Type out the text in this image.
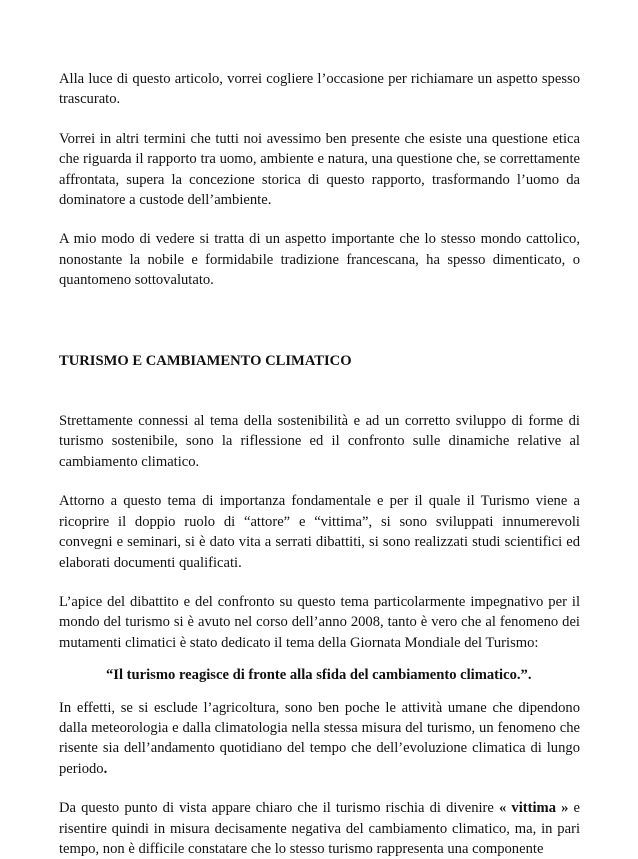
Alla luce di questo articolo, vorrei cogliere l’occasione per richiamare un aspetto spesso trascurato.

Vorrei in altri termini che tutti noi avessimo ben presente che esiste una questione etica che riguarda il rapporto tra uomo, ambiente e natura, una questione che, se correttamente affrontata, supera la concezione storica di questo rapporto, trasformando l’uomo da dominatore a custode dell’ambiente.

A mio modo di vedere si tratta di un aspetto importante che lo stesso mondo cattolico, nonostante la nobile e formidabile tradizione francescana, ha spesso dimenticato, o quantomeno sottovalutato.

TURISMO E CAMBIAMENTO CLIMATICO

Strettamente connessi al tema della sostenibilità e ad un corretto sviluppo di forme di turismo sostenibile, sono la riflessione ed il confronto sulle dinamiche relative al cambiamento climatico.

Attorno a questo tema di importanza fondamentale e per il quale il Turismo viene a ricoprire il doppio ruolo di “attore” e “vittima”, si sono sviluppati innumerevoli convegni e seminari, si è dato vita a serrati dibattiti, si sono realizzati studi scientifici ed elaborati documenti qualificati.

L’apice del dibattito e del confronto su questo tema particolarmente impegnativo per il mondo del turismo si è avuto nel corso dell’anno 2008, tanto è vero che al fenomeno dei mutamenti climatici è stato dedicato il tema della Giornata Mondiale del Turismo:

“Il turismo reagisce di fronte alla sfida del cambiamento climatico.”.

In effetti, se si esclude l’agricoltura, sono ben poche le attività umane che dipendono dalla meteorologia e dalla climatologia nella stessa misura del turismo, un fenomeno che risente sia dell’andamento quotidiano del tempo che dell’evoluzione climatica di lungo periodo.

Da questo punto di vista appare chiaro che il turismo rischia di divenire « vittima » e risentire quindi in misura decisamente negativa del cambiamento climatico, ma, in pari tempo, non è difficile constatare che lo stesso turismo rappresenta una componente
